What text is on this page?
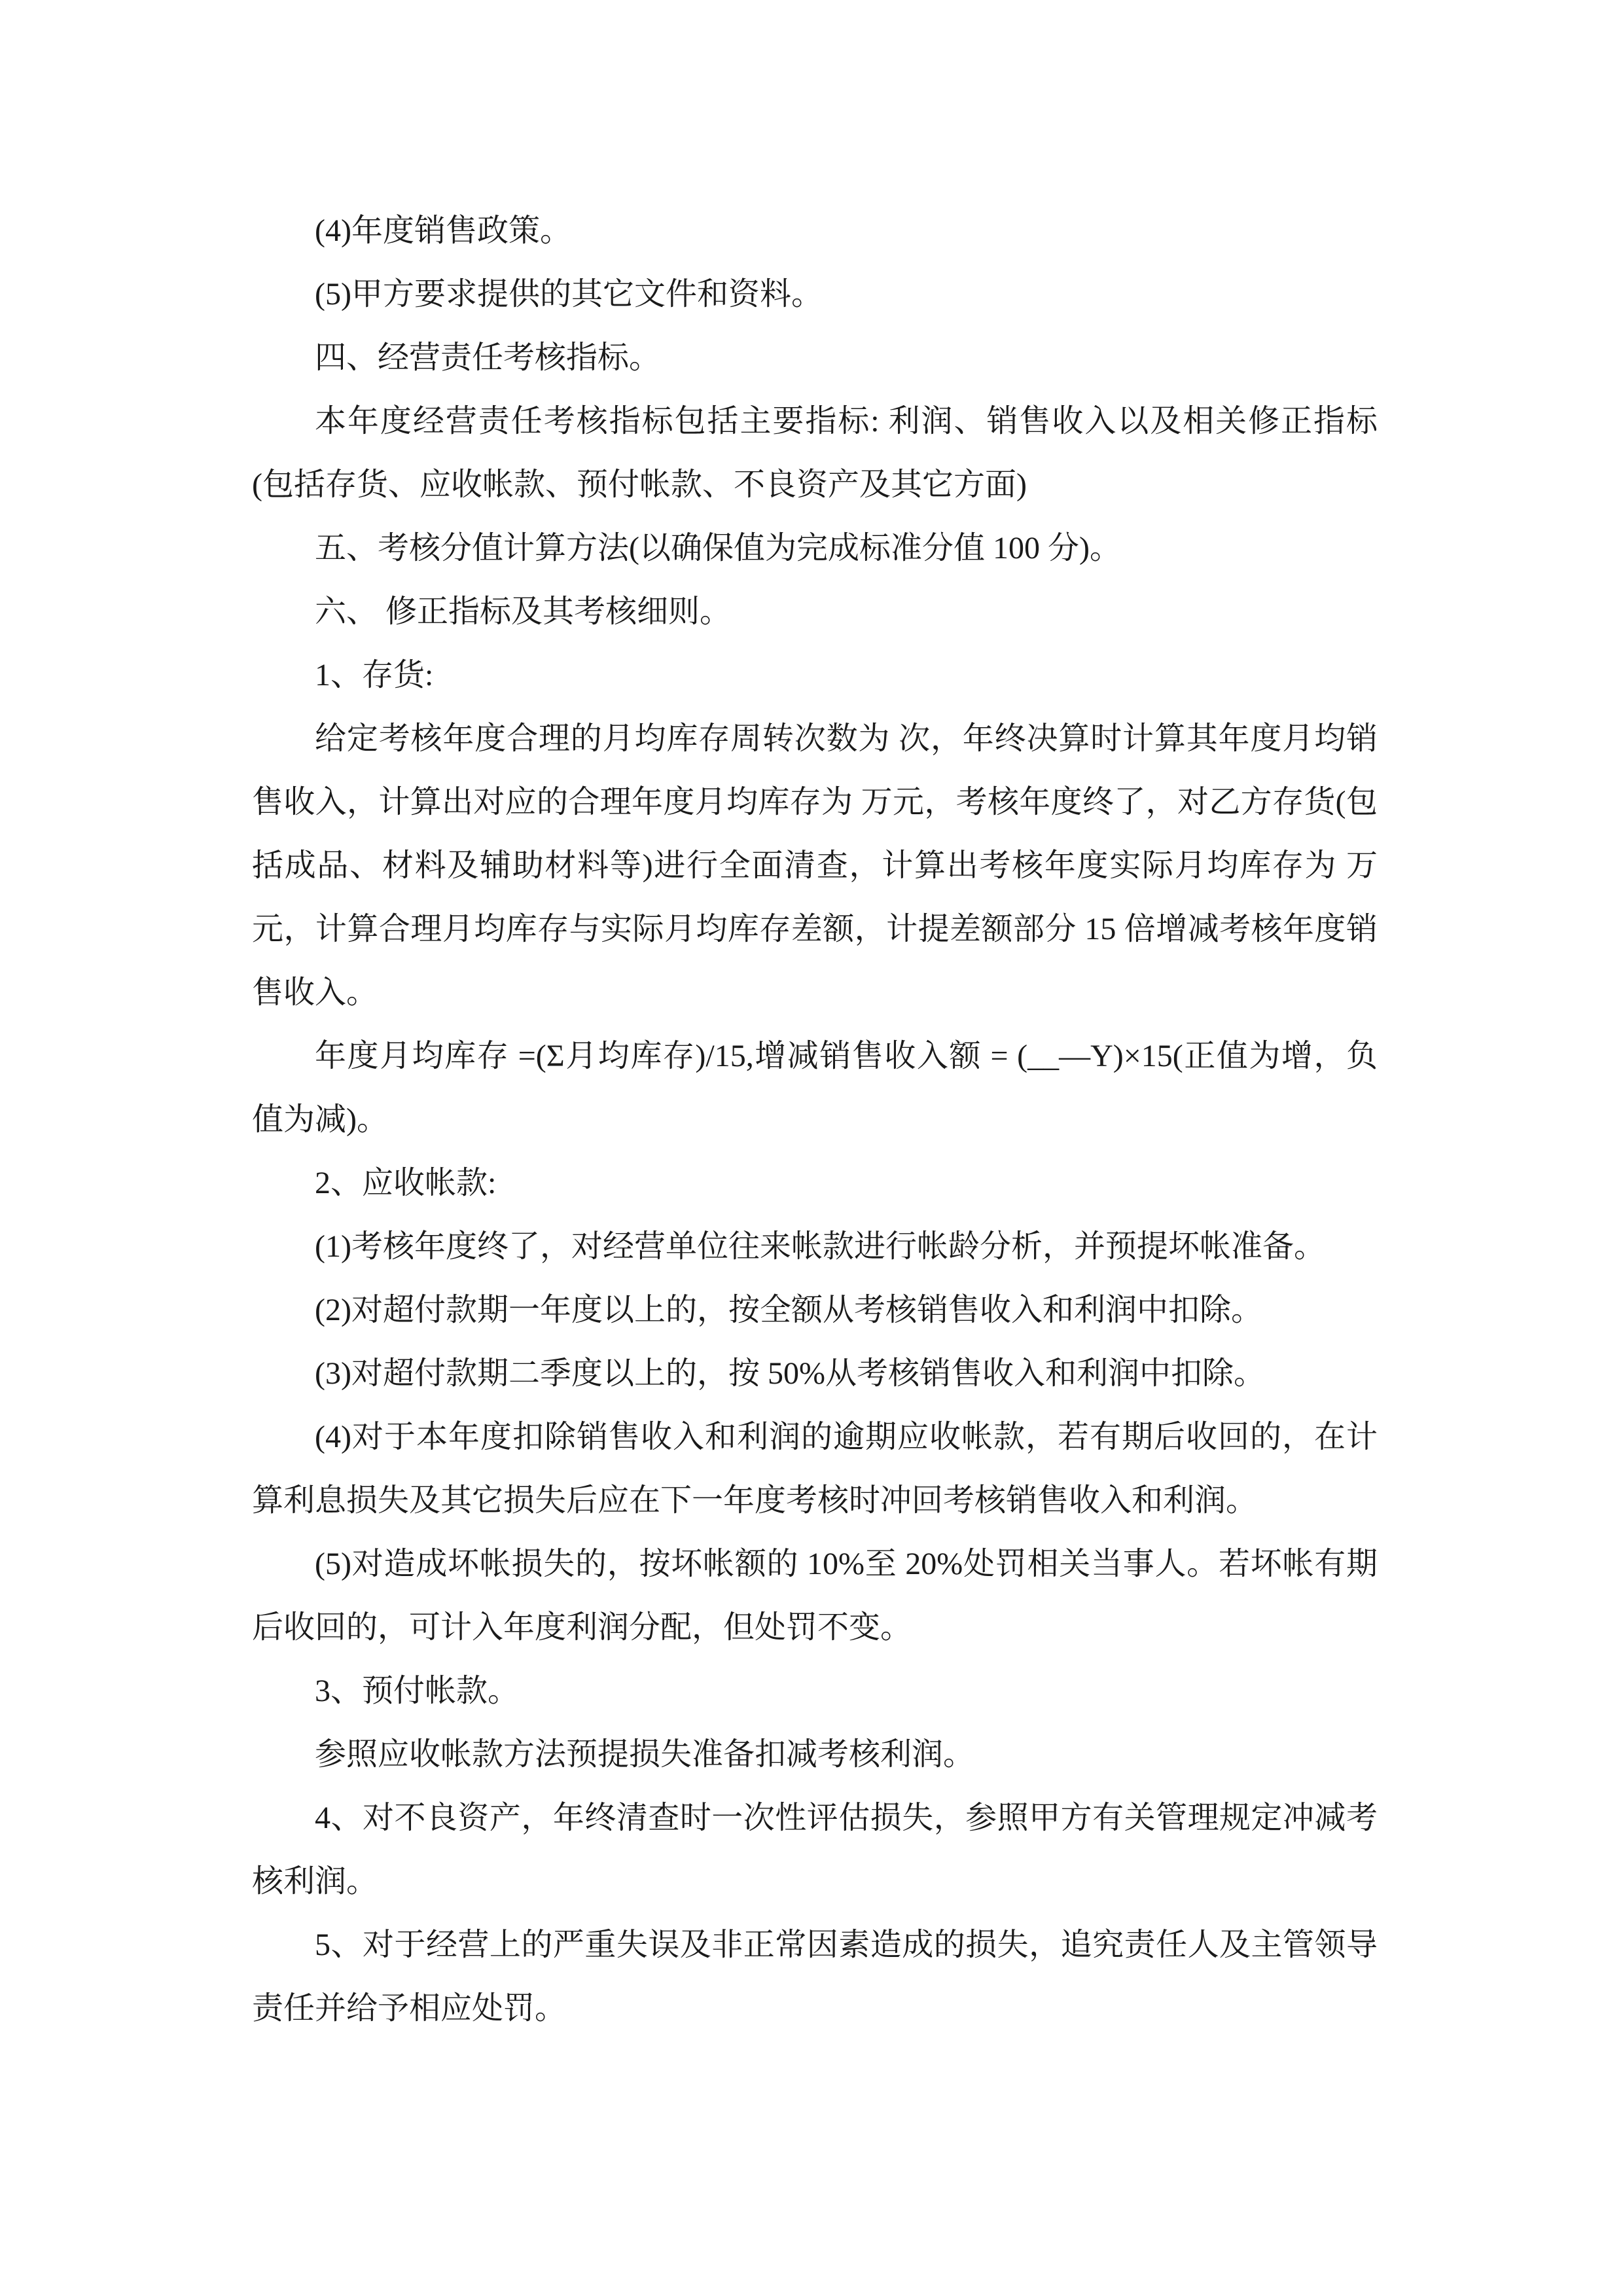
(4)年度销售政策。

(5)甲方要求提供的其它文件和资料。

四、经营责任考核指标。

本年度经营责任考核指标包括主要指标: 利润、销售收入以及相关修正指标(包括存货、应收帐款、预付帐款、不良资产及其它方面)

五、考核分值计算方法(以确保值为完成标准分值 100 分)。

六、 修正指标及其考核细则。

1、存货:

给定考核年度合理的月均库存周转次数为 次，年终决算时计算其年度月均销售收入，计算出对应的合理年度月均库存为 万元，考核年度终了，对乙方存货(包括成品、材料及辅助材料等)进行全面清查，计算出考核年度实际月均库存为 万元，计算合理月均库存与实际月均库存差额，计提差额部分 15 倍增减考核年度销售收入。

年度月均库存 =(Σ月均库存)/15,增减销售收入额 = (__—Y)×15(正值为增，负值为减)。

2、应收帐款:

(1)考核年度终了，对经营单位往来帐款进行帐龄分析，并预提坏帐准备。

(2)对超付款期一年度以上的，按全额从考核销售收入和利润中扣除。

(3)对超付款期二季度以上的，按 50%从考核销售收入和利润中扣除。

(4)对于本年度扣除销售收入和利润的逾期应收帐款，若有期后收回的，在计算利息损失及其它损失后应在下一年度考核时冲回考核销售收入和利润。

(5)对造成坏帐损失的，按坏帐额的 10%至 20%处罚相关当事人。若坏帐有期后收回的，可计入年度利润分配，但处罚不变。

3、预付帐款。

参照应收帐款方法预提损失准备扣减考核利润。

4、对不良资产，年终清查时一次性评估损失，参照甲方有关管理规定冲减考核利润。

5、对于经营上的严重失误及非正常因素造成的损失，追究责任人及主管领导责任并给予相应处罚。
